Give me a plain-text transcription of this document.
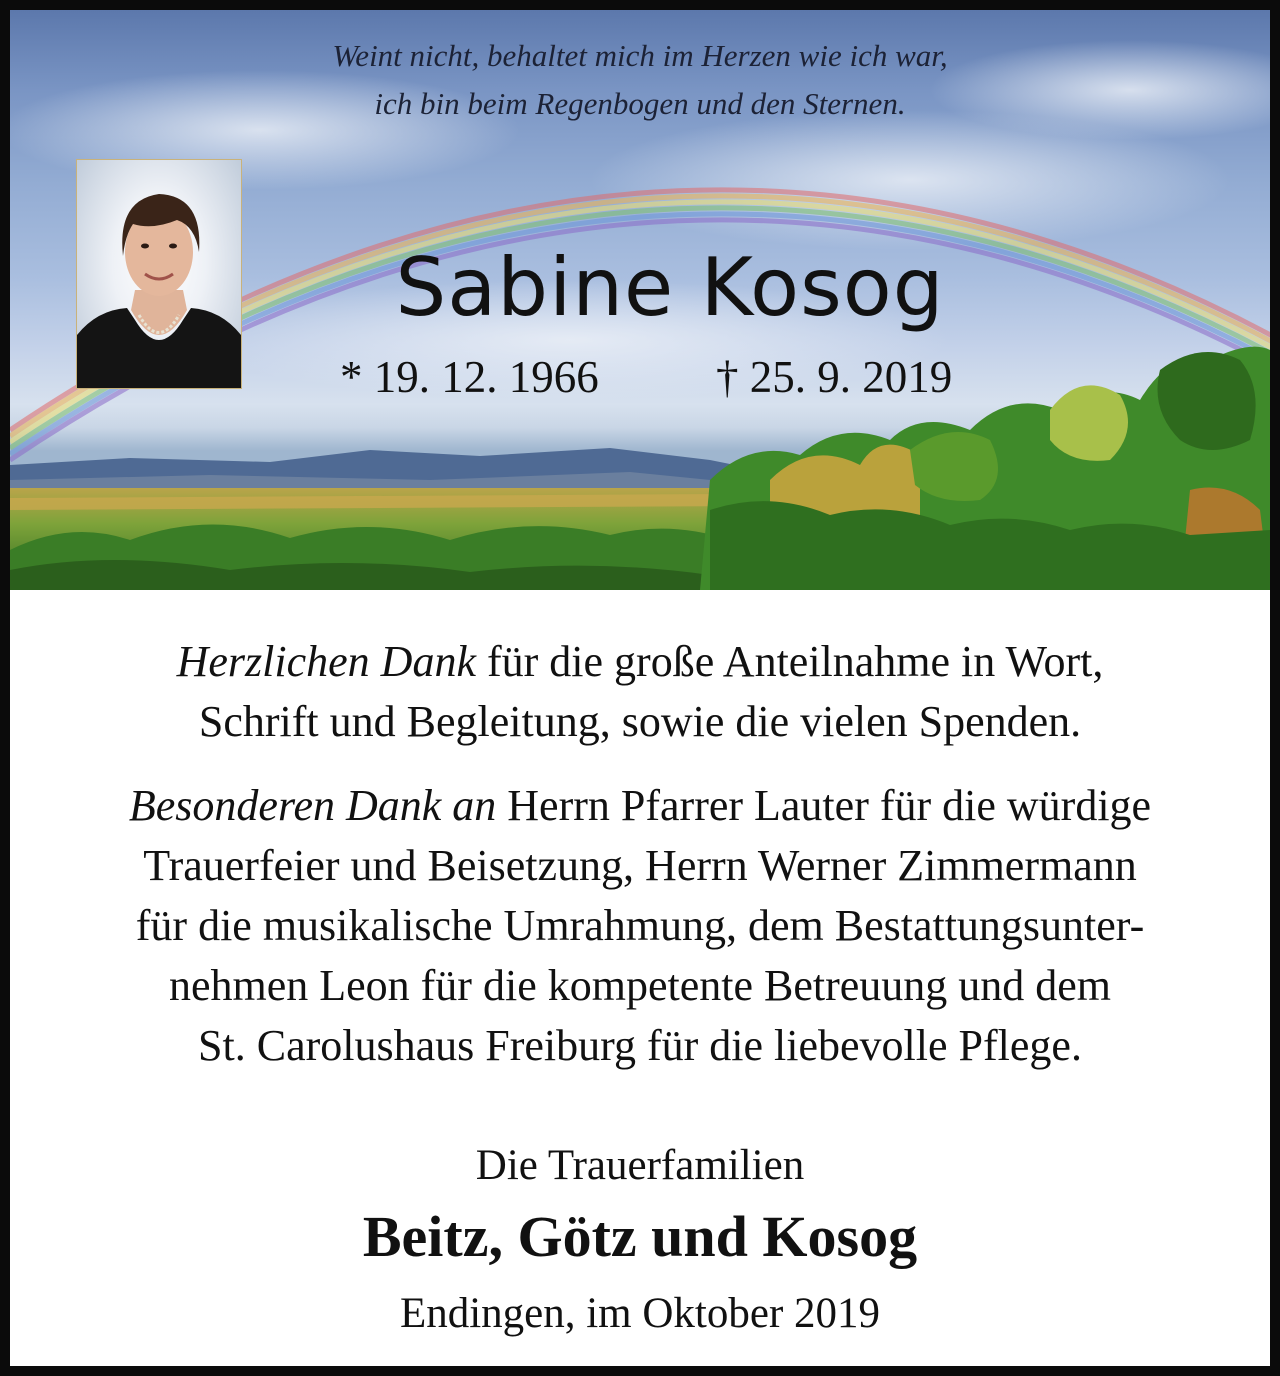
Weint nicht, behaltet mich im Herzen wie ich war,
ich bin beim Regenbogen und den Sternen.
Sabine Kosog
* 19. 12. 1966	† 25. 9. 2019
Herzlichen Dank für die große Anteilnahme in Wort,
Schrift und Begleitung, sowie die vielen Spenden.
Besonderen Dank an Herrn Pfarrer Lauter für die würdige
Trauerfeier und Beisetzung, Herrn Werner Zimmermann
für die musikalische Umrahmung, dem Bestattungsunter-
nehmen Leon für die kompetente Betreuung und dem
St. Carolushaus Freiburg für die liebevolle Pflege.
Die Trauerfamilien
Beitz, Götz und Kosog
Endingen, im Oktober 2019
